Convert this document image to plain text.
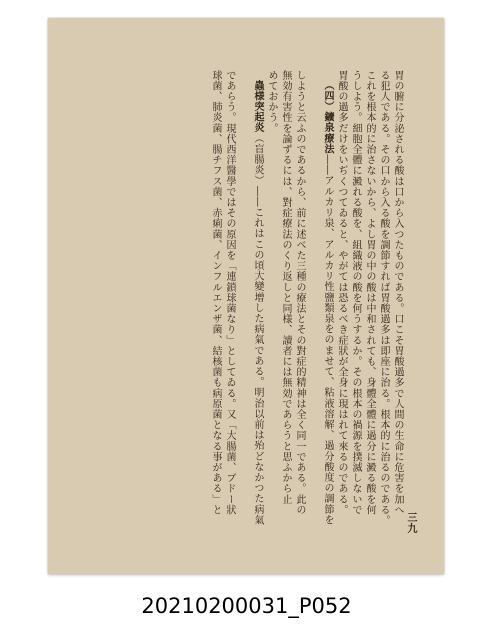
胃の腑に分泌される酸は口から入つたものである。口こそ胃酸過多で人間の生命に危害を加へ

る犯人である。その口から入る酸を調節すれば胃酸過多は即座に治る。根本的に治るのである。

これを根本的に治さないから、よし胃の中の酸は中和されても、身體全體に過分に澱る酸を何

うしよう。細胞全體に澱れる酸を、組織液の酸を何うするか。その根本の禍源を撲滅しないで

胃酸の過多だけをいぢくつてゐると、やがては恐るべき症狀が全身に現はれて來るのである。

（四）鑛泉療法――アルカリ泉、アルカリ性鹽類泉をのませて、粘液溶解、過分酸度の調節を

しようと云ふのであるから、前に述べた三種の療法とその對症的精神は全く同一である。此の

無効有害性を論ずるには、對症療法のくり返しと同様、讀者には無効であらうと思ふから止

めておかう。

蟲様突起炎（盲腸炎）――これはこの頃大變增した病氣である。明治以前は殆どなかつた病氣

であらう。現代西洋醫學ではその原因を「連鎖球菌なり」としてゐる。又「大腸菌、ブドー狀

球菌、肺炎菌、腸チフス菌、赤痢菌、インフルエンザ菌、結核菌も病原菌となる事がある」と

三九
20210200031_P052
